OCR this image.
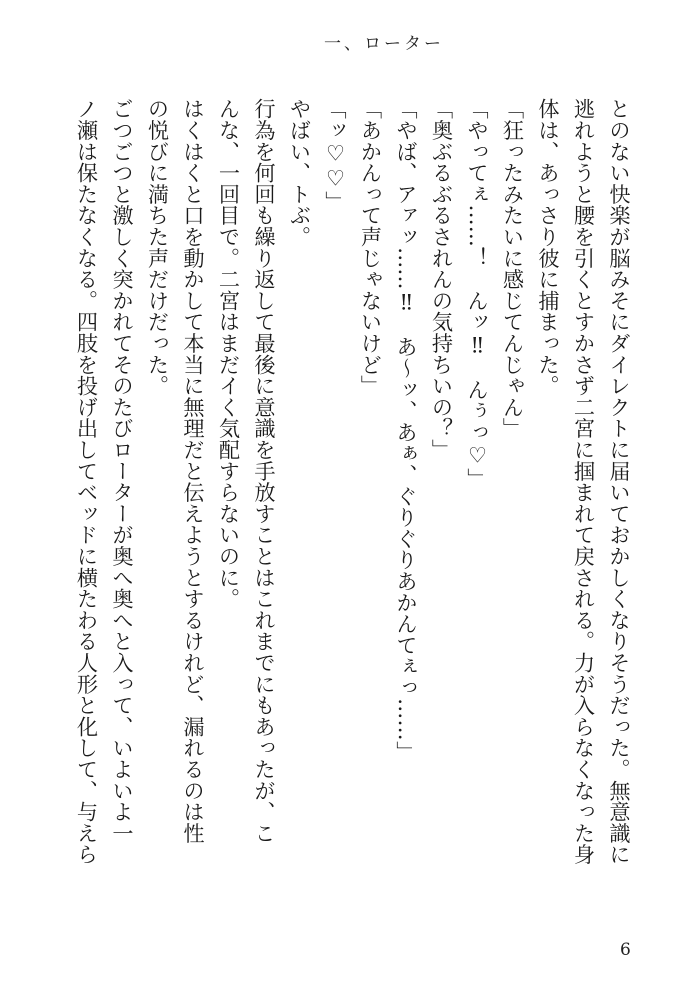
一、ローター
とのない快楽が脳みそにダイレクトに届いておかしくなりそうだった。無意識に
逃れようと腰を引くとすかさず二宮に掴まれて戻される。力が入らなくなった身
体は、あっさり彼に捕まった。
「狂ったみたいに感じてんじゃん」
「やってぇ……！　んッ‼　んぅっ♡」
「奥ぶるぶるされんの気持ちいの？」
「やば、アァッ……‼　あ～ッ、あぁ、ぐりぐりあかんてぇっ……」
「あかんって声じゃないけど」
「ッ♡♡」
やばい、トぶ。
行為を何回も繰り返して最後に意識を手放すことはこれまでにもあったが、こ
んな、一回目で。二宮はまだイく気配すらないのに。
はくはくと口を動かして本当に無理だと伝えようとするけれど、漏れるのは性
の悦びに満ちた声だけだった。
ごつごつと激しく突かれてそのたびローターが奥へ奥へと入って、いよいよ一
ノ瀬は保たなくなる。四肢を投げ出してベッドに横たわる人形と化して、与えら
6
